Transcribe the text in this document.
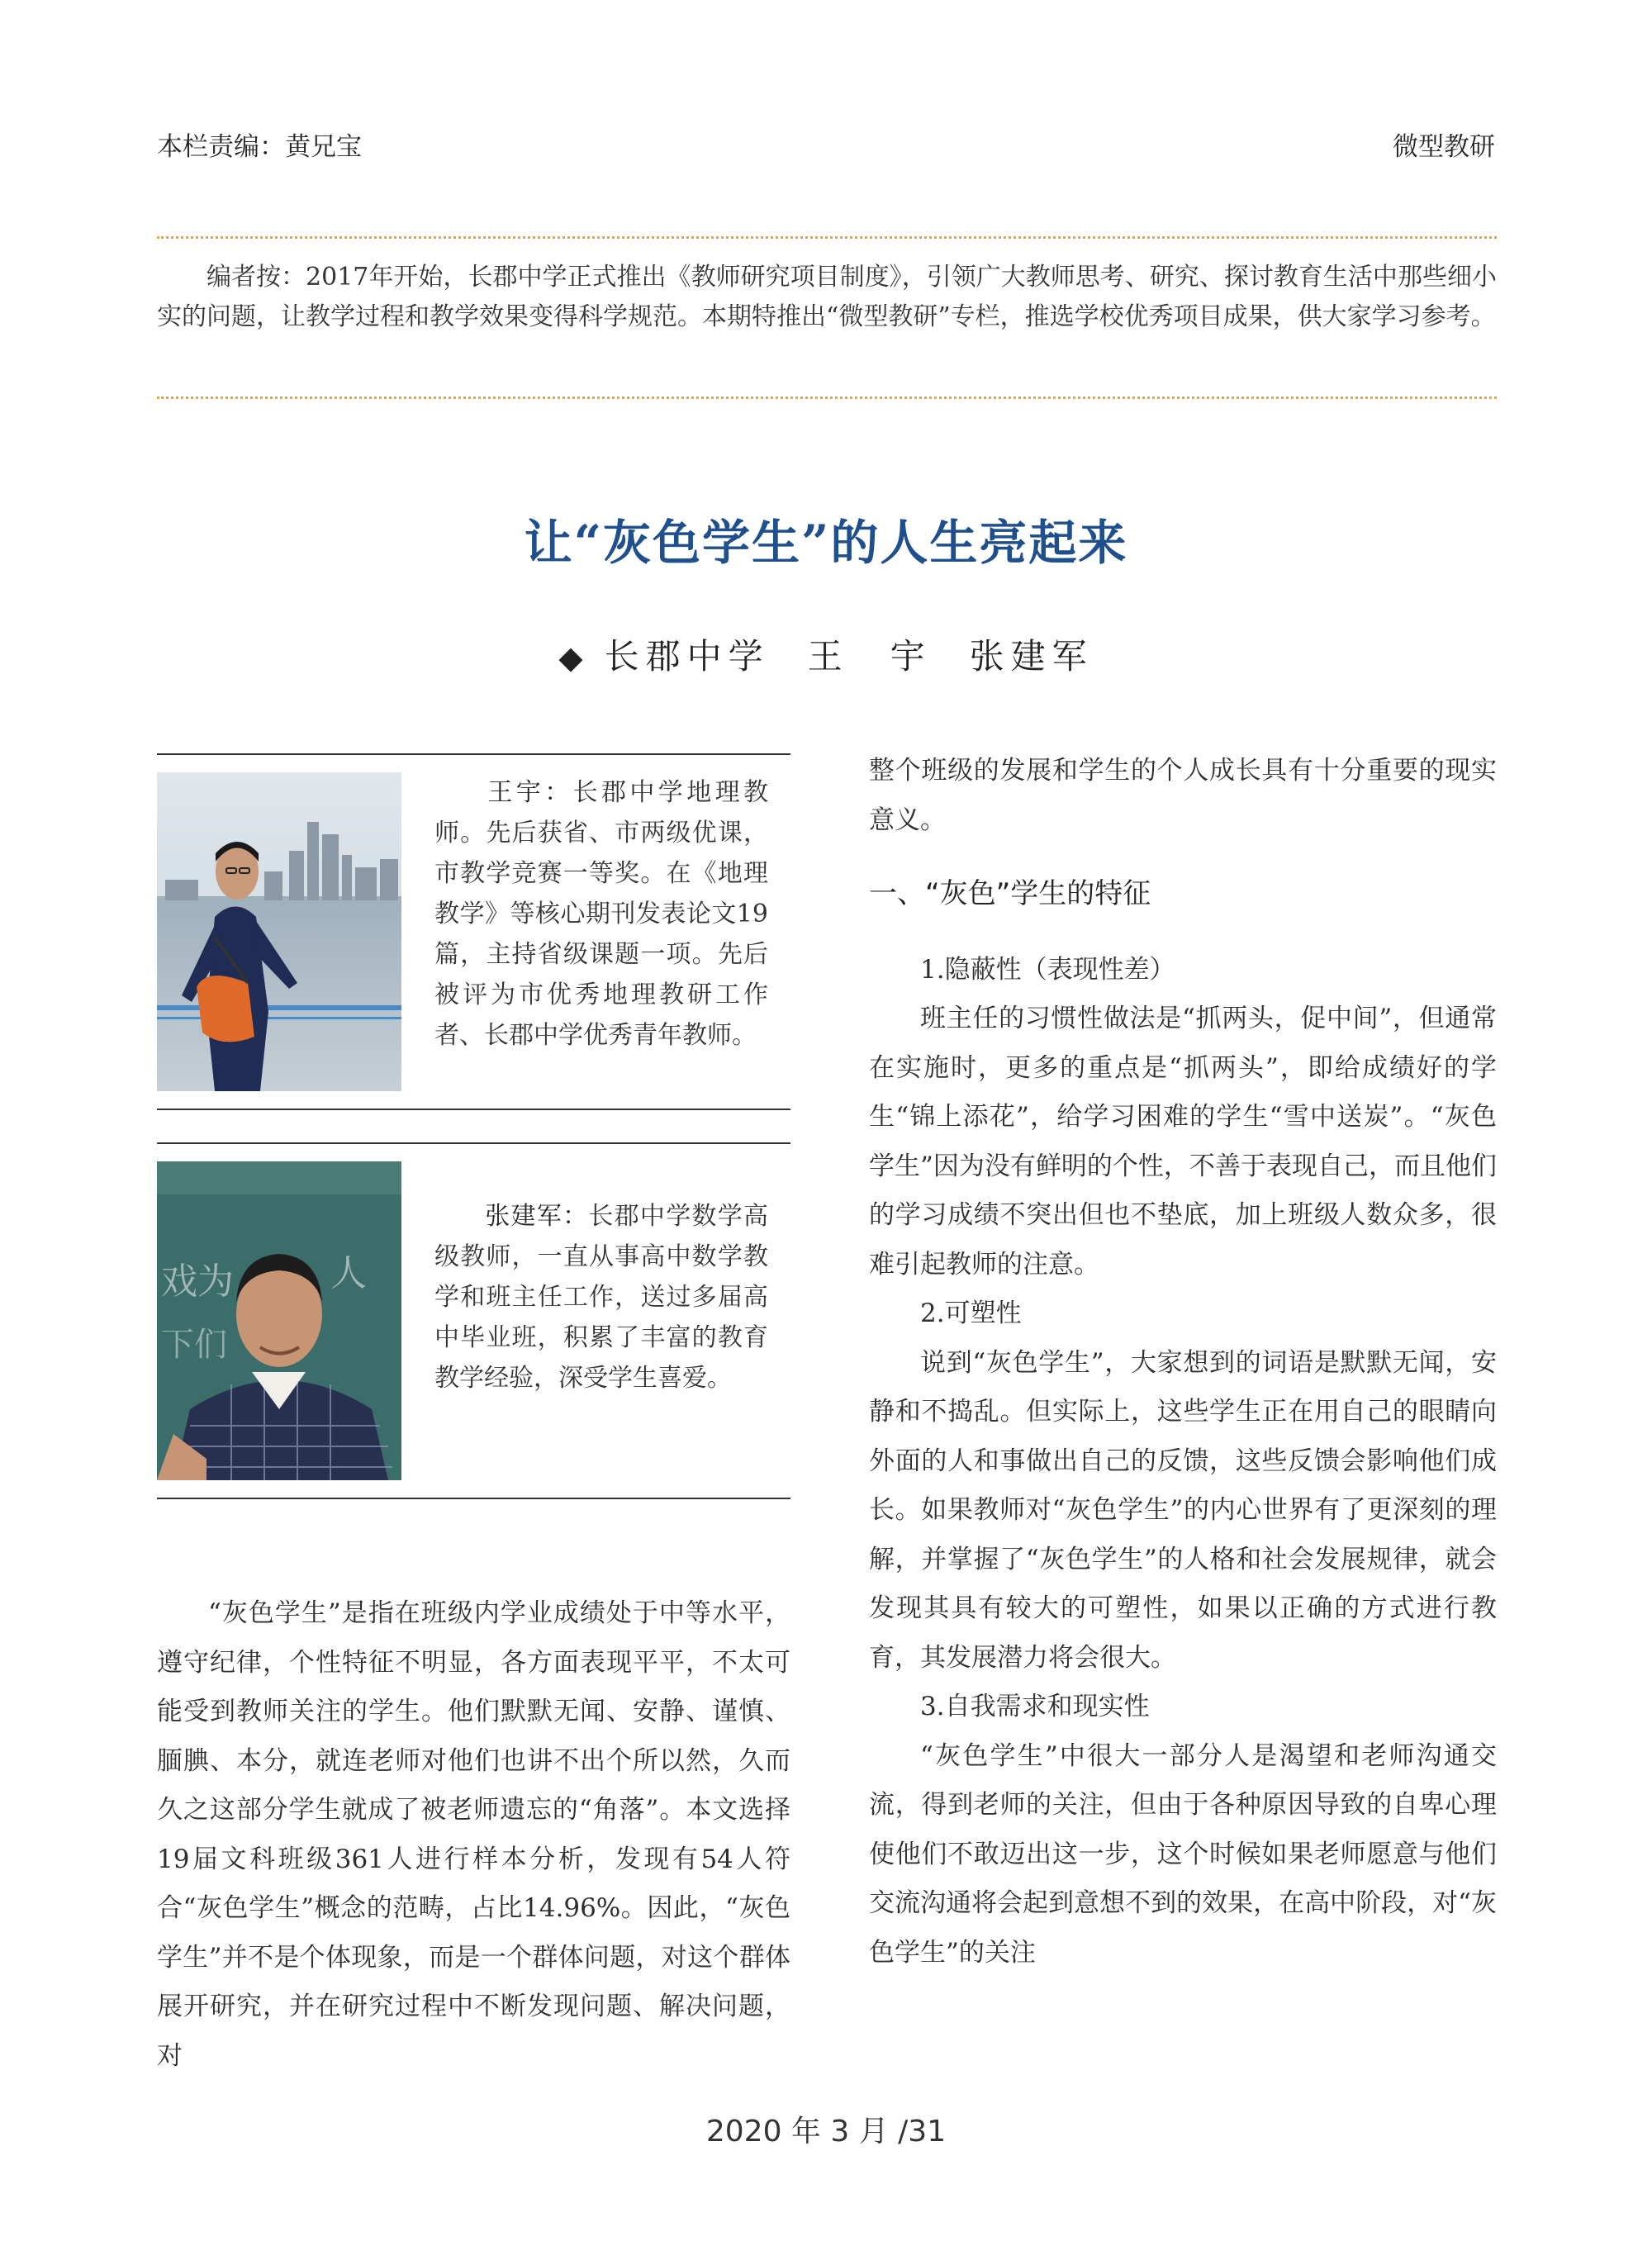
本栏责编：黄兄宝	微型教研
编者按：2017年开始，长郡中学正式推出《教师研究项目制度》，引领广大教师思考、研究、探讨教育生活中那些细小实的问题，让教学过程和教学效果变得科学规范。本期特推出“微型教研”专栏，推选学校优秀项目成果，供大家学习参考。
让“灰色学生”的人生亮起来
◆ 长郡中学 王　宇 张建军
王宇：长郡中学地理教师。先后获省、市两级优课，市教学竞赛一等奖。在《地理教学》等核心期刊发表论文19篇，主持省级课题一项。先后被评为市优秀地理教研工作者、长郡中学优秀青年教师。
戏为	人
下们
张建军：长郡中学数学高级教师，一直从事高中数学教学和班主任工作，送过多届高中毕业班，积累了丰富的教育教学经验，深受学生喜爱。

“灰色学生”是指在班级内学业成绩处于中等水平，遵守纪律，个性特征不明显，各方面表现平平，不太可能受到教师关注的学生。他们默默无闻、安静、谨慎、腼腆、本分，就连老师对他们也讲不出个所以然，久而久之这部分学生就成了被老师遗忘的“角落”。本文选择19届文科班级361人进行样本分析，发现有54人符合“灰色学生”概念的范畴，占比14.96%。因此，“灰色学生”并不是个体现象，而是一个群体问题，对这个群体展开研究，并在研究过程中不断发现问题、解决问题，对

整个班级的发展和学生的个人成长具有十分重要的现实意义。

一、“灰色”学生的特征

1.隐蔽性（表现性差）

班主任的习惯性做法是“抓两头，促中间”，但通常在实施时，更多的重点是“抓两头”，即给成绩好的学生“锦上添花”，给学习困难的学生“雪中送炭”。“灰色学生”因为没有鲜明的个性，不善于表现自己，而且他们的学习成绩不突出但也不垫底，加上班级人数众多，很难引起教师的注意。

2.可塑性

说到“灰色学生”，大家想到的词语是默默无闻，安静和不捣乱。但实际上，这些学生正在用自己的眼睛向外面的人和事做出自己的反馈，这些反馈会影响他们成长。如果教师对“灰色学生”的内心世界有了更深刻的理解，并掌握了“灰色学生”的人格和社会发展规律，就会发现其具有较大的可塑性，如果以正确的方式进行教育，其发展潜力将会很大。

3.自我需求和现实性

“灰色学生”中很大一部分人是渴望和老师沟通交流，得到老师的关注，但由于各种原因导致的自卑心理使他们不敢迈出这一步，这个时候如果老师愿意与他们交流沟通将会起到意想不到的效果，在高中阶段，对“灰色学生”的关注

2020 年 3 月 /31
